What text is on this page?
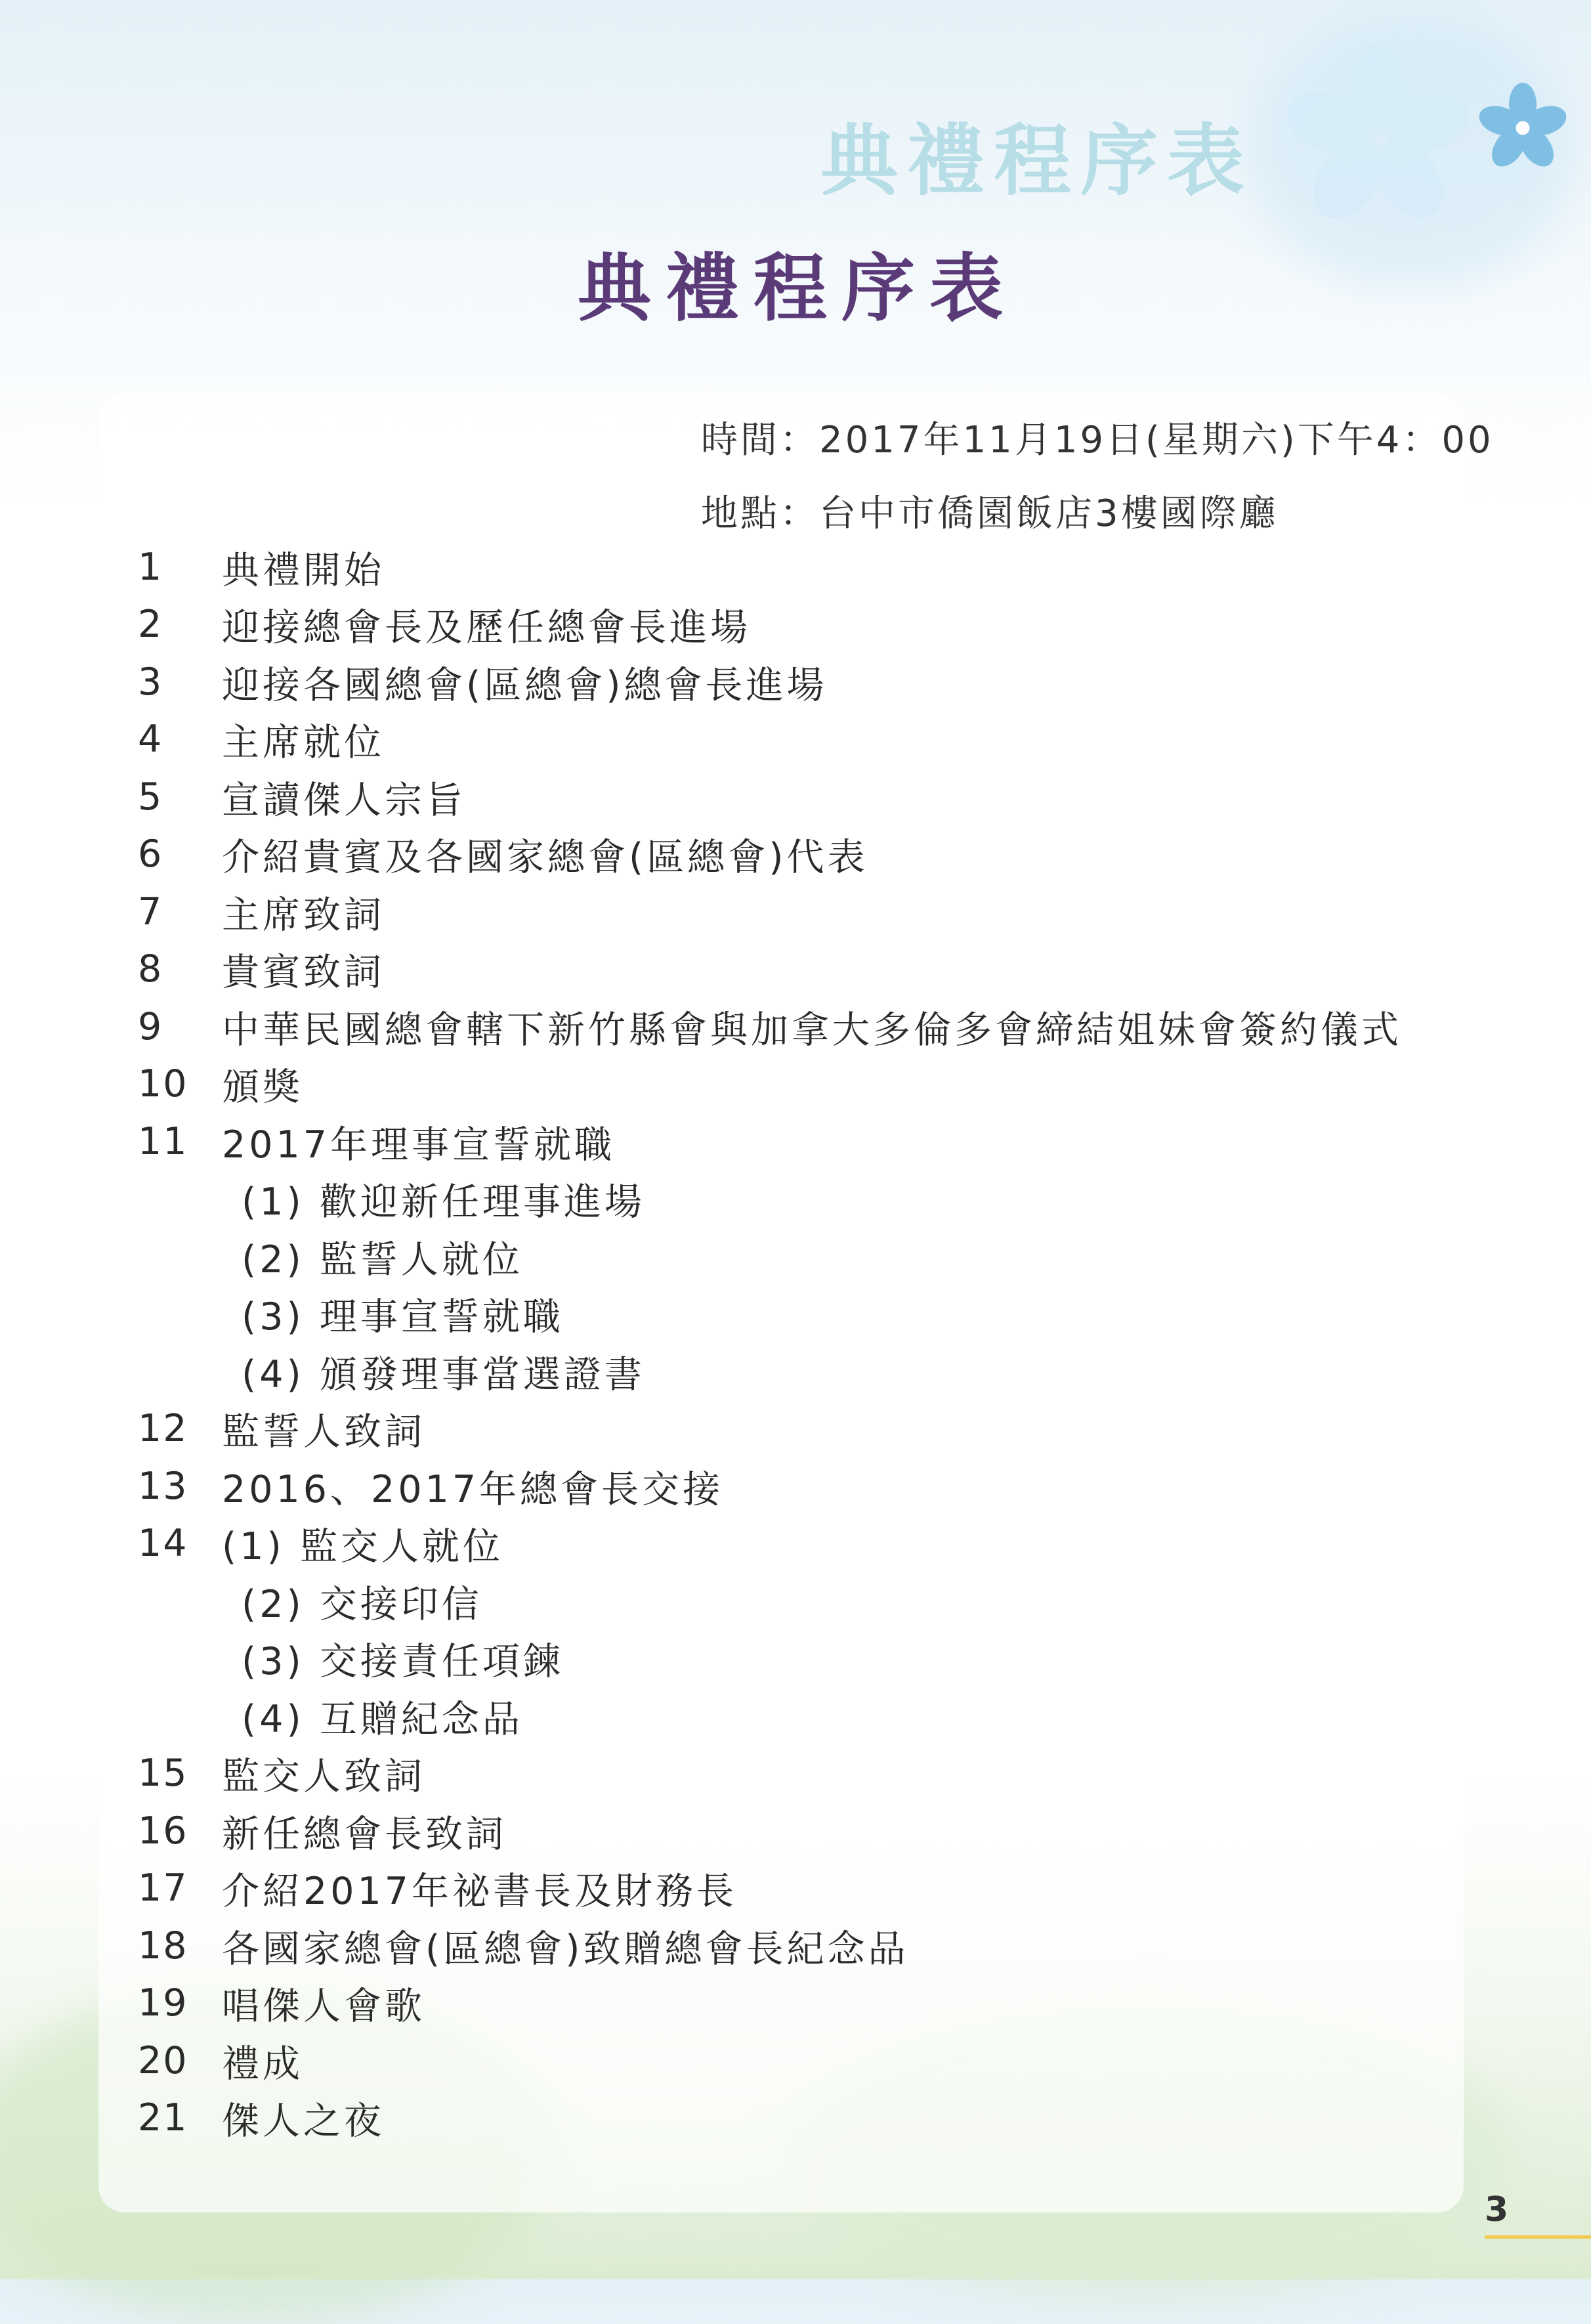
典禮程序表
典禮程序表
時間：2017年11月19日(星期六)下午4：00
地點：台中市僑園飯店3樓國際廳
1	典禮開始
2	迎接總會長及歷任總會長進場
3	迎接各國總會(區總會)總會長進場
4	主席就位
5	宣讀傑人宗旨
6	介紹貴賓及各國家總會(區總會)代表
7	主席致詞
8	貴賓致詞
9	中華民國總會轄下新竹縣會與加拿大多倫多會締結姐妹會簽約儀式
10 頒獎
11 2017年理事宣誓就職
(1) 歡迎新任理事進場
(2) 監誓人就位
(3) 理事宣誓就職
(4) 頒發理事當選證書
12 監誓人致詞
13 2016、2017年總會長交接
14 (1) 監交人就位
(2) 交接印信
(3) 交接責任項鍊
(4) 互贈紀念品
15 監交人致詞
16 新任總會長致詞
17 介紹2017年祕書長及財務長
18 各國家總會(區總會)致贈總會長紀念品
19 唱傑人會歌
20 禮成
21 傑人之夜
3
